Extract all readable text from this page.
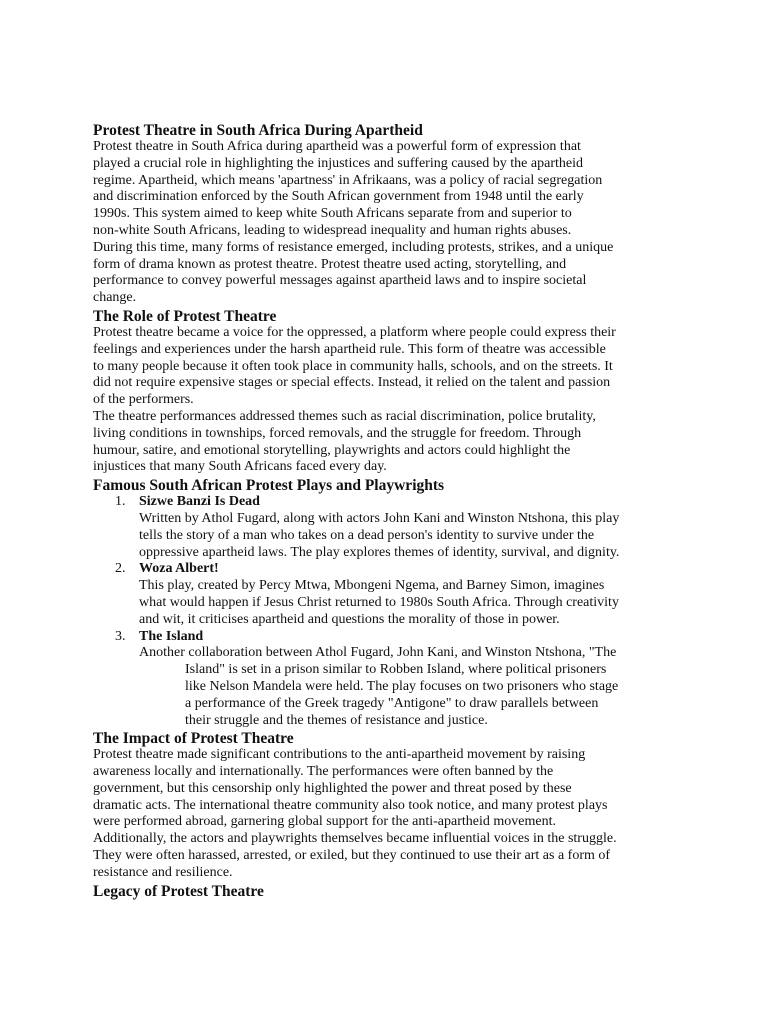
Protest Theatre in South Africa During Apartheid

Protest theatre in South Africa during apartheid was a powerful form of expression that
played a crucial role in highlighting the injustices and suffering caused by the apartheid
regime. Apartheid, which means 'apartness' in Afrikaans, was a policy of racial segregation
and discrimination enforced by the South African government from 1948 until the early
1990s. This system aimed to keep white South Africans separate from and superior to
non-white South Africans, leading to widespread inequality and human rights abuses.
During this time, many forms of resistance emerged, including protests, strikes, and a unique
form of drama known as protest theatre. Protest theatre used acting, storytelling, and
performance to convey powerful messages against apartheid laws and to inspire societal
change.

The Role of Protest Theatre

Protest theatre became a voice for the oppressed, a platform where people could express their
feelings and experiences under the harsh apartheid rule. This form of theatre was accessible
to many people because it often took place in community halls, schools, and on the streets. It
did not require expensive stages or special effects. Instead, it relied on the talent and passion
of the performers.

The theatre performances addressed themes such as racial discrimination, police brutality,
living conditions in townships, forced removals, and the struggle for freedom. Through
humour, satire, and emotional storytelling, playwrights and actors could highlight the
injustices that many South Africans faced every day.

Famous South African Protest Plays and Playwrights
1. Sizwe Banzi Is Dead
Written by Athol Fugard, along with actors John Kani and Winston Ntshona, this play
tells the story of a man who takes on a dead person's identity to survive under the
oppressive apartheid laws. The play explores themes of identity, survival, and dignity.
2. Woza Albert!
This play, created by Percy Mtwa, Mbongeni Ngema, and Barney Simon, imagines
what would happen if Jesus Christ returned to 1980s South Africa. Through creativity
and wit, it criticises apartheid and questions the morality of those in power.
3. The Island
Another collaboration between Athol Fugard, John Kani, and Winston Ntshona, "The
Island" is set in a prison similar to Robben Island, where political prisoners
like Nelson Mandela were held. The play focuses on two prisoners who stage
a performance of the Greek tragedy "Antigone" to draw parallels between
their struggle and the themes of resistance and justice.
The Impact of Protest Theatre

Protest theatre made significant contributions to the anti-apartheid movement by raising
awareness locally and internationally. The performances were often banned by the
government, but this censorship only highlighted the power and threat posed by these
dramatic acts. The international theatre community also took notice, and many protest plays
were performed abroad, garnering global support for the anti-apartheid movement.
Additionally, the actors and playwrights themselves became influential voices in the struggle.
They were often harassed, arrested, or exiled, but they continued to use their art as a form of
resistance and resilience.

Legacy of Protest Theatre
